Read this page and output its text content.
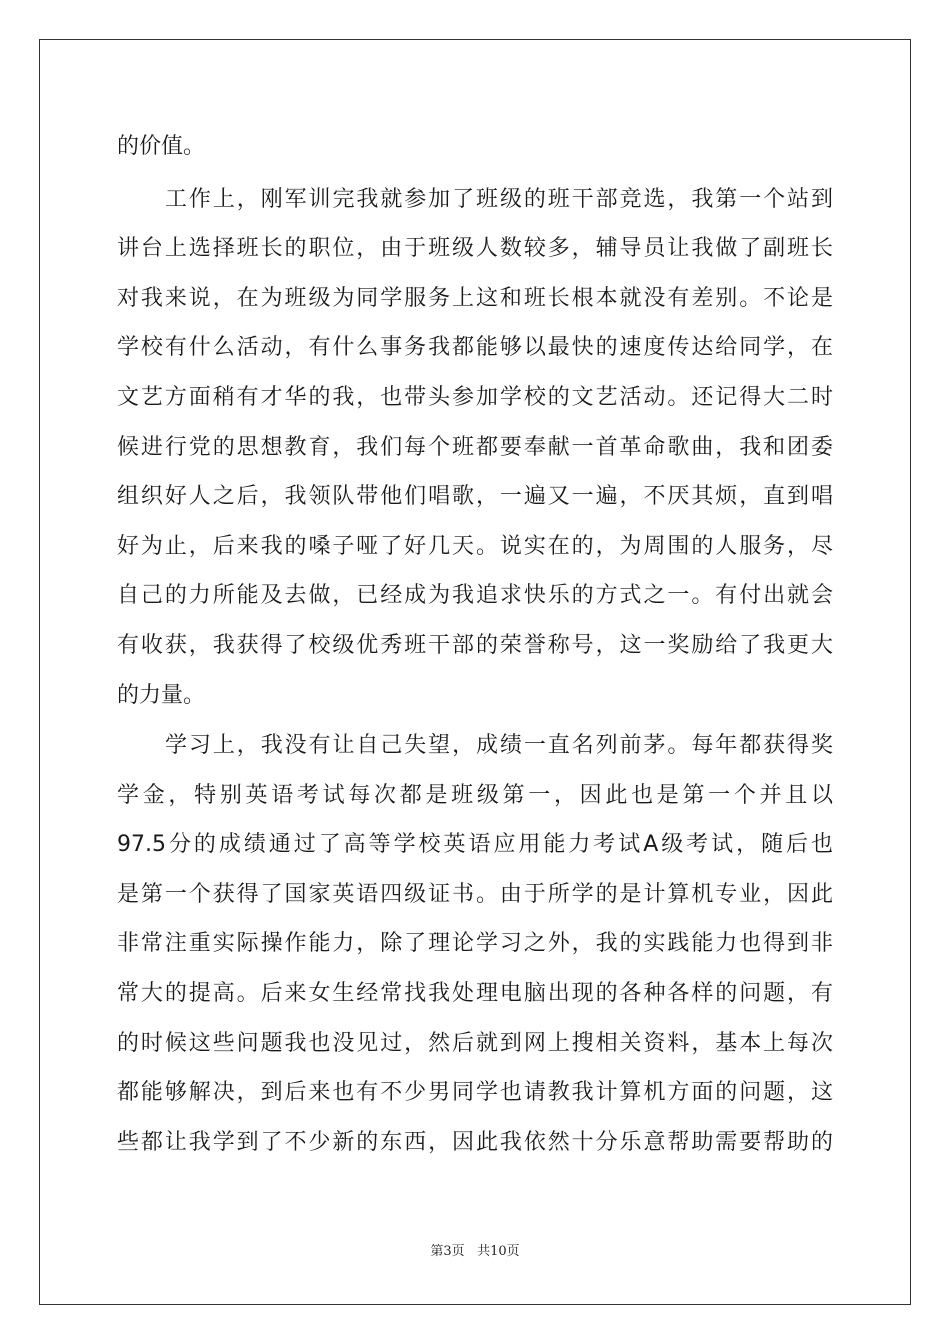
的价值。
工作上，刚军训完我就参加了班级的班干部竞选，我第一个站到
讲台上选择班长的职位，由于班级人数较多，辅导员让我做了副班长
对我来说，在为班级为同学服务上这和班长根本就没有差别。不论是
学校有什么活动，有什么事务我都能够以最快的速度传达给同学，在
文艺方面稍有才华的我，也带头参加学校的文艺活动。还记得大二时
候进行党的思想教育，我们每个班都要奉献一首革命歌曲，我和团委
组织好人之后，我领队带他们唱歌，一遍又一遍，不厌其烦，直到唱
好为止，后来我的嗓子哑了好几天。说实在的，为周围的人服务，尽
自己的力所能及去做，已经成为我追求快乐的方式之一。有付出就会
有收获，我获得了校级优秀班干部的荣誉称号，这一奖励给了我更大
的力量。
学习上，我没有让自己失望，成绩一直名列前茅。每年都获得奖
学金，特别英语考试每次都是班级第一，因此也是第一个并且以
97.5分的成绩通过了高等学校英语应用能力考试A级考试，随后也
是第一个获得了国家英语四级证书。由于所学的是计算机专业，因此
非常注重实际操作能力，除了理论学习之外，我的实践能力也得到非
常大的提高。后来女生经常找我处理电脑出现的各种各样的问题，有
的时候这些问题我也没见过，然后就到网上搜相关资料，基本上每次
都能够解决，到后来也有不少男同学也请教我计算机方面的问题，这
些都让我学到了不少新的东西，因此我依然十分乐意帮助需要帮助的
第3页 共10页
